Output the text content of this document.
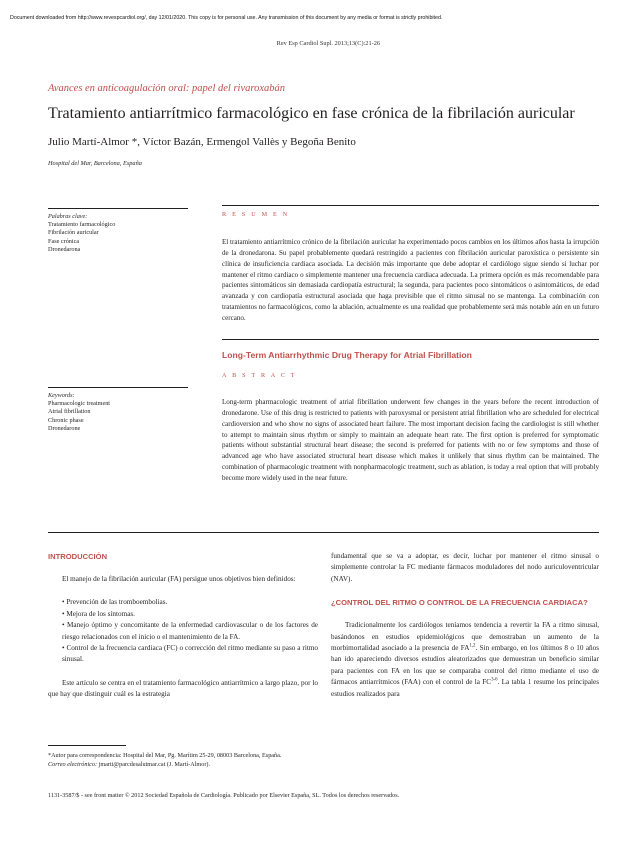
Document downloaded from http://www.revespcardiol.org/, day 12/01/2020. This copy is for personal use. Any transmission of this document by any media or format is strictly prohibited.
Rev Esp Cardiol Supl. 2013;13(C):21-26
Avances en anticoagulación oral: papel del rivaroxabán
Tratamiento antiarrítmico farmacológico en fase crónica de la fibrilación auricular
Julio Martí-Almor *, Víctor Bazán, Ermengol Vallès y Begoña Benito
Hospital del Mar, Barcelona, España
Palabras clave:
Tratamiento farmacológico
Fibrilación auricular
Fase crónica
Dronedarona
Keywords:
Pharmacologic treatment
Atrial fibrillation
Chronic phase
Dronedarone
R E S U M E N
El tratamiento antiarrítmico crónico de la fibrilación auricular ha experimentado pocos cambios en los últimos años hasta la irrupción de la dronedarona. Su papel probablemente quedará restringido a pacientes con fibrilación auricular paroxística o persistente sin clínica de insuficiencia cardiaca asociada. La decisión más importante que debe adoptar el cardiólogo sigue siendo si luchar por mantener el ritmo cardiaco o simplemente mantener una frecuencia cardiaca adecuada. La primera opción es más recomendable para pacientes sintomáticos sin demasiada cardiopatía estructural; la segunda, para pacientes poco sintomáticos o asintomáticos, de edad avanzada y con cardiopatía estructural asociada que haga previsible que el ritmo sinusal no se mantenga. La combinación con tratamientos no farmacológicos, como la ablación, actualmente es una realidad que probablemente será más notable aún en un futuro cercano.
Long-Term Antiarrhythmic Drug Therapy for Atrial Fibrillation
A B S T R A C T
Long-term pharmacologic treatment of atrial fibrillation underwent few changes in the years before the recent introduction of dronedarone. Use of this drug is restricted to patients with paroxysmal or persistent atrial fibrillation who are scheduled for electrical cardioversion and who show no signs of associated heart failure. The most important decision facing the cardiologist is still whether to attempt to maintain sinus rhythm or simply to maintain an adequate heart rate. The first option is preferred for symptomatic patients without substantial structural heart disease; the second is preferred for patients with no or few symptoms and those of advanced age who have associated structural heart disease which makes it unlikely that sinus rhythm can be maintained. The combination of pharmacologic treatment with nonpharmacologic treatment, such as ablation, is today a real option that will probably become more widely used in the near future.
INTRODUCCIÓN

El manejo de la fibrilación auricular (FA) persigue unos objetivos bien definidos:

• Prevención de las tromboembolias.

• Mejora de los síntomas.

• Manejo óptimo y concomitante de la enfermedad cardiovascular o de los factores de riesgo relacionados con el inicio o el mantenimiento de la FA.

• Control de la frecuencia cardiaca (FC) o corrección del ritmo mediante su paso a ritmo sinusal.

Este artículo se centra en el tratamiento farmacológico antiarrítmico a largo plazo, por lo que hay que distinguir cuál es la estrategia

fundamental que se va a adoptar, es decir, luchar por mantener el ritmo sinusal o simplemente controlar la FC mediante fármacos moduladores del nodo auriculoventricular (NAV).

¿CONTROL DEL RITMO O CONTROL DE LA FRECUENCIA CARDIACA?

Tradicionalmente los cardiólogos teníamos tendencia a revertir la FA a ritmo sinusal, basándonos en estudios epidemiológicos que demostraban un aumento de la morbimortalidad asociado a la presencia de FA$^{1,2}$. Sin embargo, en los últimos 8 o 10 años han ido apareciendo diversos estudios aleatorizados que demuestran un beneficio similar para pacientes con FA en los que se comparaba control del ritmo mediante el uso de fármacos antiarrítmicos (FAA) con el control de la FC$^{3-6}$. La tabla 1 resume los principales estudios realizados para

*Autor para correspondencia: Hospital del Mar, Pg. Marítim 25-29, 08003 Barcelona, España.

Correo electrónico: jmarti@parcdesalutmar.cat (J. Martí-Almor).

1131-3587/$ - see front matter © 2012 Sociedad Española de Cardiología. Publicado por Elsevier España, SL. Todos los derechos reservados.
